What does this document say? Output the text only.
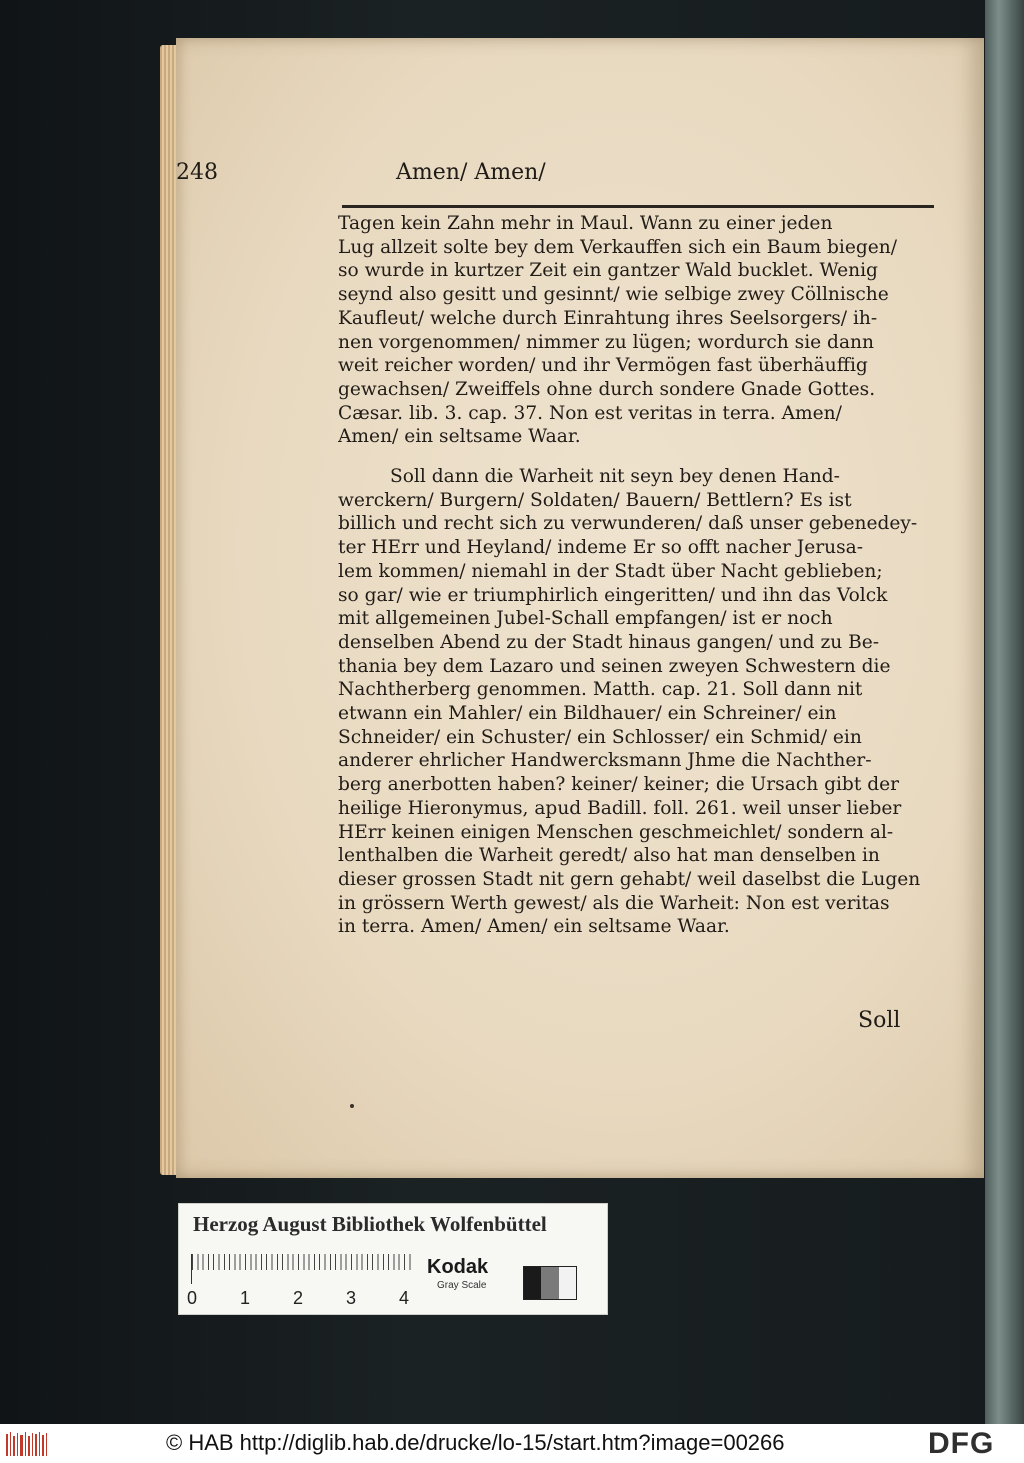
248	Amen/ Amen/

Tagen kein Zahn mehr in Maul. Wann zu einer jeden
Lug allzeit solte bey dem Verkauffen sich ein Baum biegen/
so wurde in kurtzer Zeit ein gantzer Wald bucklet. Wenig
seynd also gesitt und gesinnt/ wie selbige zwey Cöllnische
Kaufleut/ welche durch Einrahtung ihres Seelsorgers/ ih-
nen vorgenommen/ nimmer zu lügen; wordurch sie dann
weit reicher worden/ und ihr Vermögen fast überhäuffig
gewachsen/ Zweiffels ohne durch sondere Gnade Gottes.
Cæsar. lib. 3. cap. 37. Non est veritas in terra. Amen/
Amen/ ein seltsame Waar.

Soll dann die Warheit nit seyn bey denen Hand-
werckern/ Burgern/ Soldaten/ Bauern/ Bettlern? Es ist
billich und recht sich zu verwunderen/ daß unser gebenedey-
ter HErr und Heyland/ indeme Er so offt nacher Jerusa-
lem kommen/ niemahl in der Stadt über Nacht geblieben;
so gar/ wie er triumphirlich eingeritten/ und ihn das Volck
mit allgemeinen Jubel-Schall empfangen/ ist er noch
denselben Abend zu der Stadt hinaus gangen/ und zu Be-
thania bey dem Lazaro und seinen zweyen Schwestern die
Nachtherberg genommen. Matth. cap. 21. Soll dann nit
etwann ein Mahler/ ein Bildhauer/ ein Schreiner/ ein
Schneider/ ein Schuster/ ein Schlosser/ ein Schmid/ ein
anderer ehrlicher Handwercksmann Jhme die Nachther-
berg anerbotten haben? keiner/ keiner; die Ursach gibt der
heilige Hieronymus, apud Badill. foll. 261. weil unser lieber
HErr keinen einigen Menschen geschmeichlet/ sondern al-
lenthalben die Warheit geredt/ also hat man denselben in
dieser grossen Stadt nit gern gehabt/ weil daselbst die Lugen
in grössern Werth gewest/ als die Warheit: Non est veritas
in terra. Amen/ Amen/ ein seltsame Waar.

Soll
Herzog August Bibliothek Wolfenbüttel
0 1 2 3 4
Kodak
Gray Scale
© HAB http://diglib.hab.de/drucke/lo-15/start.htm?image=00266	DFG
